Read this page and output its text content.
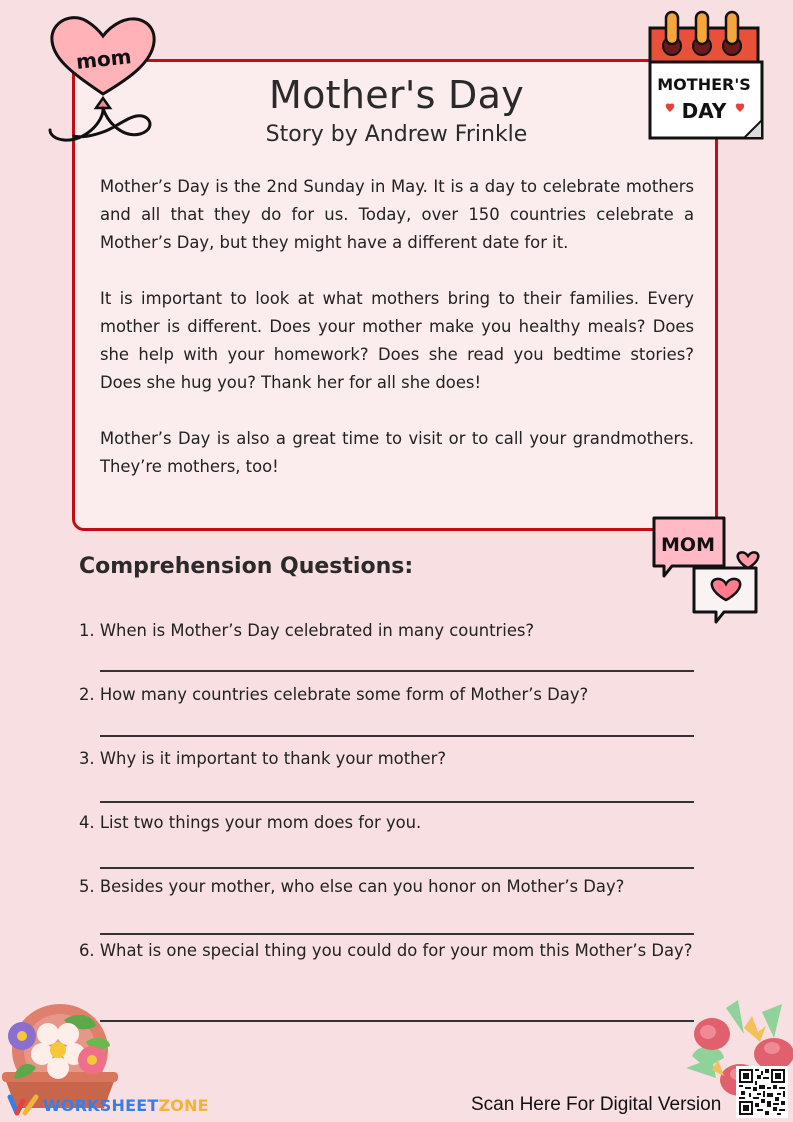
mom
MOTHER'S
DAY
Mother's Day
Story by Andrew Frinkle

Mother’s Day is the 2nd Sunday in May. It is a day to celebrate mothers and all that they do for us. Today, over 150 countries celebrate a Mother’s Day, but they might have a different date for it.

It is important to look at what mothers bring to their families. Every mother is different. Does your mother make you healthy meals? Does she help with your homework? Does she read you bedtime stories? Does she hug you? Thank her for all she does!

Mother’s Day is also a great time to visit or to call your grandmothers. They’re mothers, too!

MOM
Comprehension Questions:
1. When is Mother’s Day celebrated in many countries?
2. How many countries celebrate some form of Mother’s Day?
3. Why is it important to thank your mother?
4. List two things your mom does for you.
5. Besides your mother, who else can you honor on Mother’s Day?
6. What is one special thing you could do for your mom this Mother’s Day?
WORKSHEET ZONE	Scan Here For Digital Version
